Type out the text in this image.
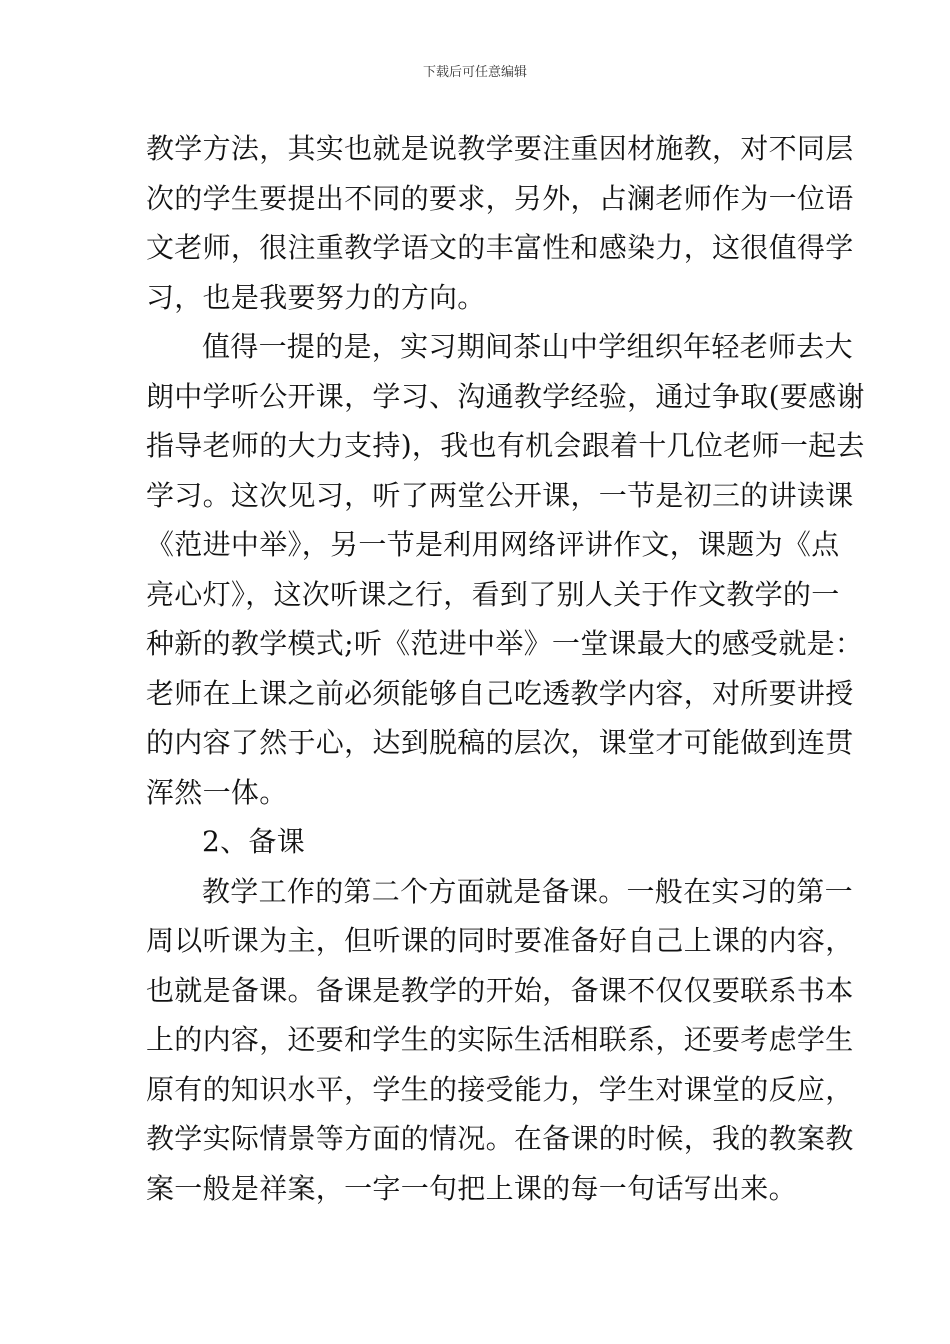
下载后可任意编辑

教学方法，其实也就是说教学要注重因材施教，对不同层
次的学生要提出不同的要求，另外，占澜老师作为一位语
文老师，很注重教学语文的丰富性和感染力，这很值得学
习，也是我要努力的方向。

值得一提的是，实习期间茶山中学组织年轻老师去大
朗中学听公开课，学习、沟通教学经验，通过争取(要感谢
指导老师的大力支持)，我也有机会跟着十几位老师一起去
学习。这次见习，听了两堂公开课，一节是初三的讲读课
《范进中举》，另一节是利用网络评讲作文，课题为《点
亮心灯》，这次听课之行，看到了别人关于作文教学的一
种新的教学模式;听《范进中举》一堂课最大的感受就是：
老师在上课之前必须能够自己吃透教学内容，对所要讲授
的内容了然于心，达到脱稿的层次，课堂才可能做到连贯
浑然一体。

2、备课

教学工作的第二个方面就是备课。一般在实习的第一
周以听课为主，但听课的同时要准备好自己上课的内容，
也就是备课。备课是教学的开始，备课不仅仅要联系书本
上的内容，还要和学生的实际生活相联系，还要考虑学生
原有的知识水平，学生的接受能力，学生对课堂的反应，
教学实际情景等方面的情况。在备课的时候，我的教案教
案一般是祥案，一字一句把上课的每一句话写出来。
